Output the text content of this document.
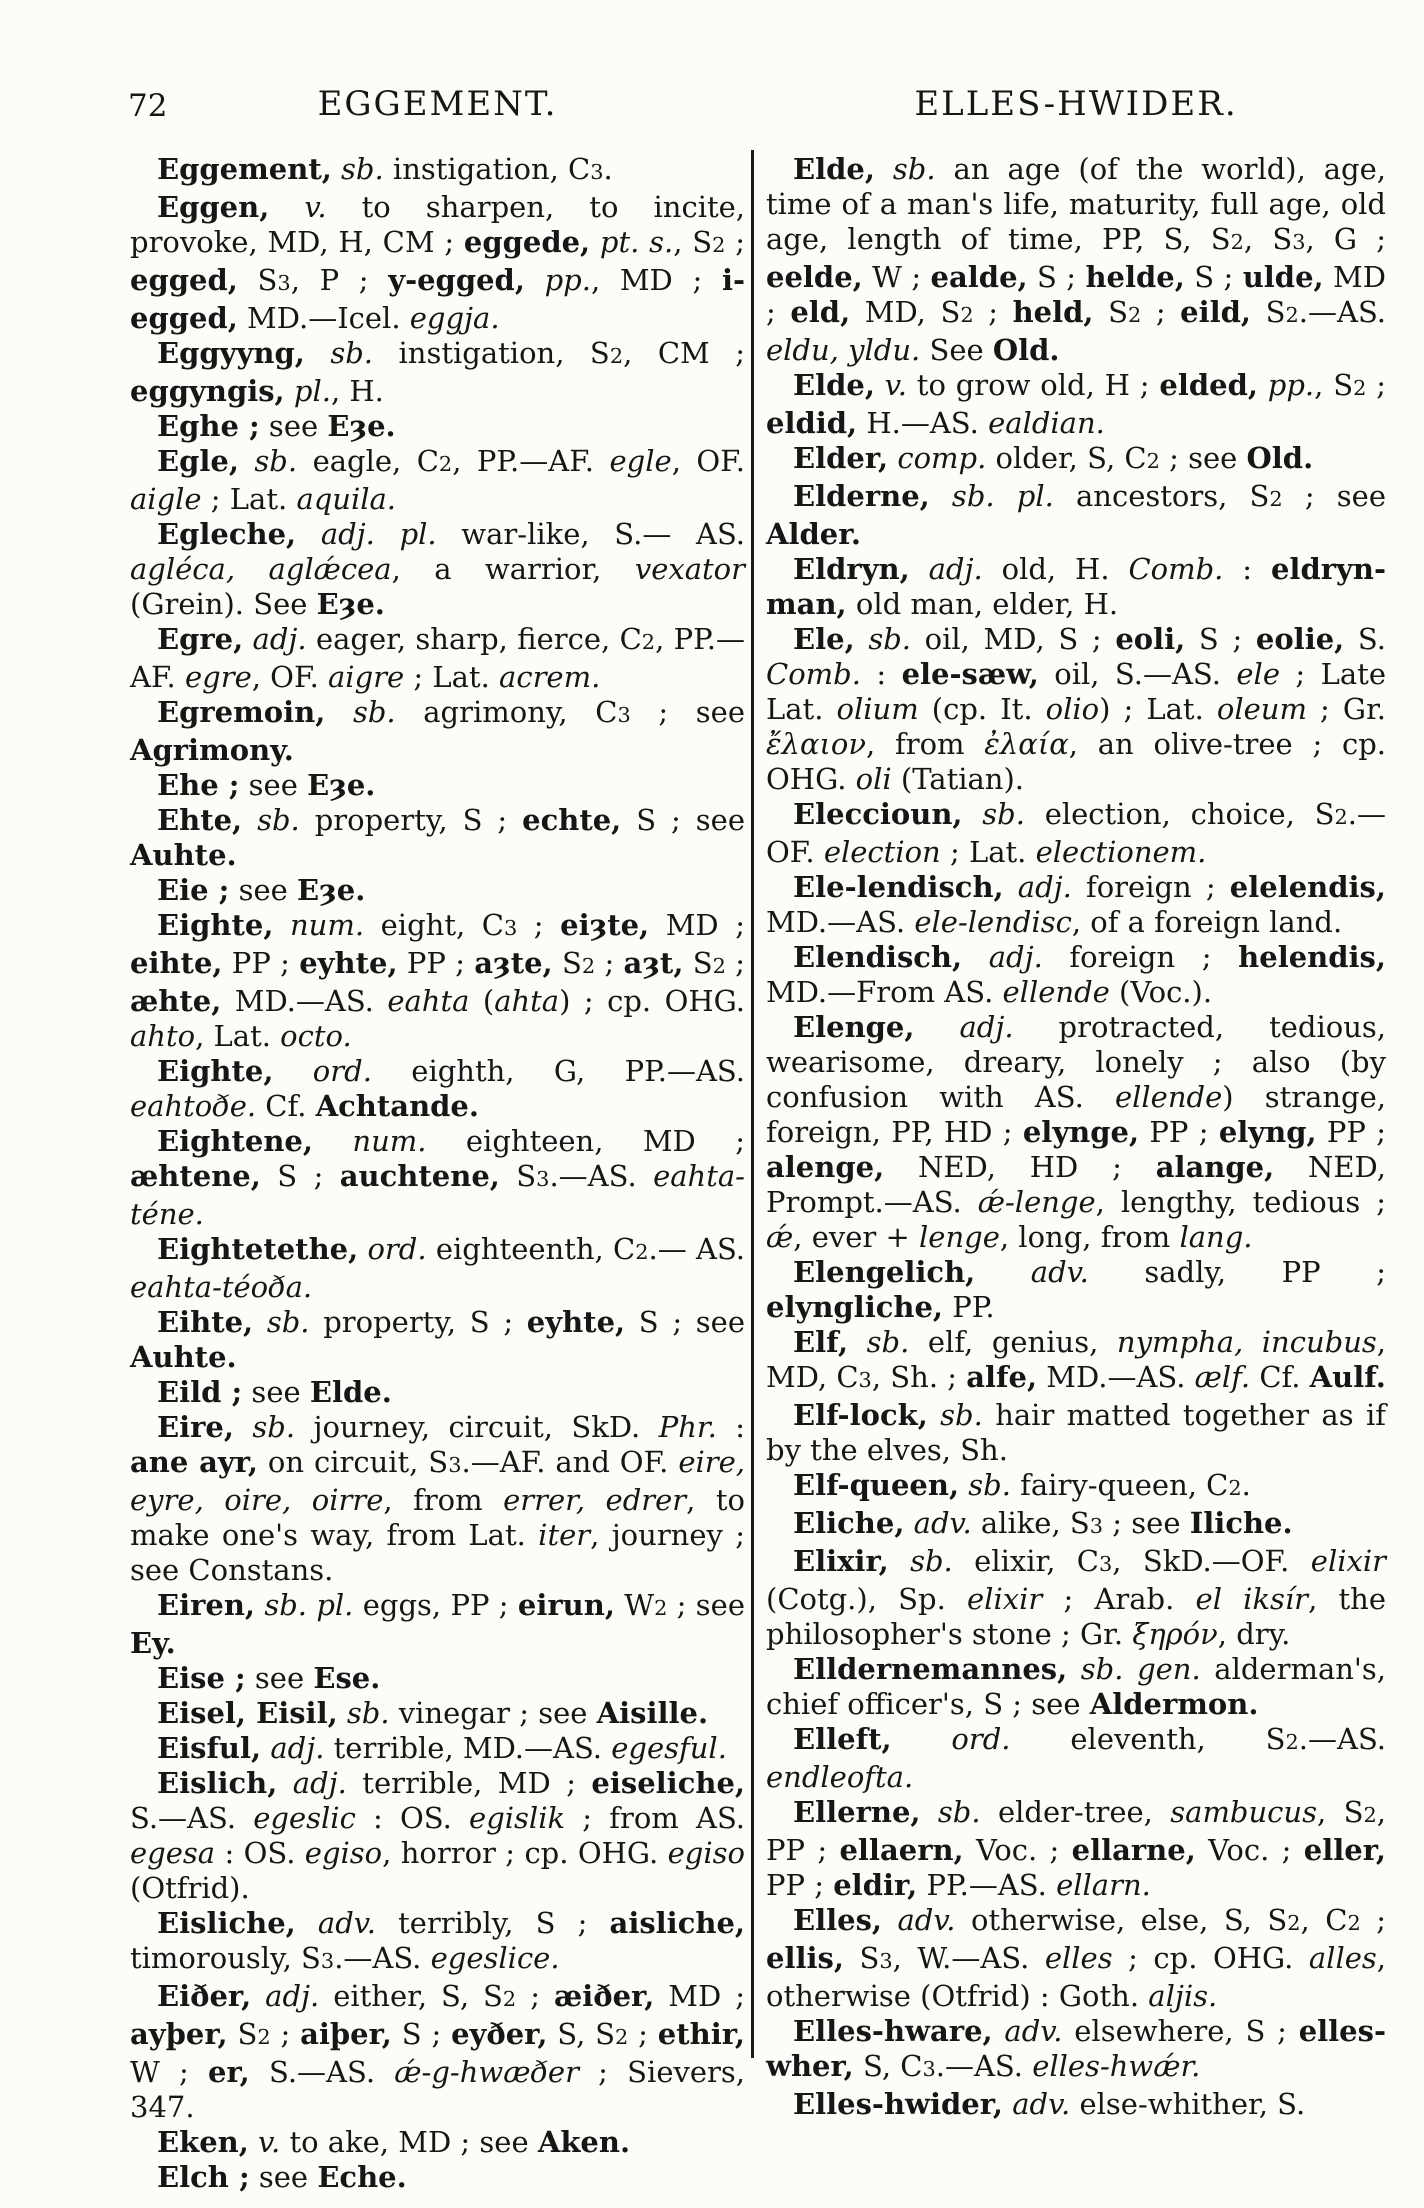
72	EGGEMENT.	ELLES-HWIDER.

Eggement, sb. instigation, C3.

Eggen, v. to sharpen, to incite, provoke, MD, H, CM ; eggede, pt. s., S2 ; egged, S3, P ; y-egged, pp., MD ; i-egged, MD.—Icel. eggja.

Eggyyng, sb. instigation, S2, CM ; eggyngis, pl., H.

Eghe ; see Eȝe.

Egle, sb. eagle, C2, PP.—AF. egle, OF. aigle ; Lat. aquila.

Egleche, adj. pl. war-like, S.— AS. agléca, aglǽcea, a warrior, vexator (Grein). See Eȝe.

Egre, adj. eager, sharp, fierce, C2, PP.—AF. egre, OF. aigre ; Lat. acrem.

Egremoin, sb. agrimony, C3 ; see Agrimony.

Ehe ; see Eȝe.

Ehte, sb. property, S ; echte, S ; see Auhte.

Eie ; see Eȝe.

Eighte, num. eight, C3 ; eiȝte, MD ; eihte, PP ; eyhte, PP ; aȝte, S2 ; aȝt, S2 ; æhte, MD.—AS. eahta (ahta) ; cp. OHG. ahto, Lat. octo.

Eighte, ord. eighth, G, PP.—AS. eahtoðe. Cf. Achtande.

Eightene, num. eighteen, MD ; æhtene, S ; auchtene, S3.—AS. eahta-téne.

Eightetethe, ord. eighteenth, C2.— AS. eahta-téoða.

Eihte, sb. property, S ; eyhte, S ; see Auhte.

Eild ; see Elde.

Eire, sb. journey, circuit, SkD. Phr. : ane ayr, on circuit, S3.—AF. and OF. eire, eyre, oire, oirre, from errer, edrer, to make one's way, from Lat. iter, journey ; see Constans.

Eiren, sb. pl. eggs, PP ; eirun, W2 ; see Ey.

Eise ; see Ese.

Eisel, Eisil, sb. vinegar ; see Aisille.

Eisful, adj. terrible, MD.—AS. egesful.

Eislich, adj. terrible, MD ; eiseliche, S.—AS. egeslic : OS. egislik ; from AS. egesa : OS. egiso, horror ; cp. OHG. egiso (Otfrid).

Eisliche, adv. terribly, S ; aisliche, timorously, S3.—AS. egeslice.

Eiðer, adj. either, S, S2 ; æiðer, MD ; ayþer, S2 ; aiþer, S ; eyðer, S, S2 ; ethir, W ; er, S.—AS. ǽ-g-hwæðer ; Sievers, 347.

Eken, v. to ake, MD ; see Aken.

Elch ; see Eche.

Elde, sb. an age (of the world), age, time of a man's life, maturity, full age, old age, length of time, PP, S, S2, S3, G ; eelde, W ; ealde, S ; helde, S ; ulde, MD ; eld, MD, S2 ; held, S2 ; eild, S2.—AS. eldu, yldu. See Old.

Elde, v. to grow old, H ; elded, pp., S2 ; eldid, H.—AS. ealdian.

Elder, comp. older, S, C2 ; see Old.

Elderne, sb. pl. ancestors, S2 ; see Alder.

Eldryn, adj. old, H. Comb. : eldryn-man, old man, elder, H.

Ele, sb. oil, MD, S ; eoli, S ; eolie, S. Comb. : ele-sæw, oil, S.—AS. ele ; Late Lat. olium (cp. It. olio) ; Lat. oleum ; Gr. ἔλαιον, from ἐλαία, an olive-tree ; cp. OHG. oli (Tatian).

Eleccioun, sb. election, choice, S2.—OF. election ; Lat. electionem.

Ele-lendisch, adj. foreign ; elelendis, MD.—AS. ele-lendisc, of a foreign land.

Elendisch, adj. foreign ; helendis, MD.—From AS. ellende (Voc.).

Elenge, adj. protracted, tedious, wearisome, dreary, lonely ; also (by confusion with AS. ellende) strange, foreign, PP, HD ; elynge, PP ; elyng, PP ; alenge, NED, HD ; alange, NED, Prompt.—AS. ǽ-lenge, lengthy, tedious ; ǽ, ever + lenge, long, from lang.

Elengelich, adv. sadly, PP ; elyngliche, PP.

Elf, sb. elf, genius, nympha, incubus, MD, C3, Sh. ; alfe, MD.—AS. ælf. Cf. Aulf.

Elf-lock, sb. hair matted together as if by the elves, Sh.

Elf-queen, sb. fairy-queen, C2.

Eliche, adv. alike, S3 ; see Iliche.

Elixir, sb. elixir, C3, SkD.—OF. elixir (Cotg.), Sp. elixir ; Arab. el iksír, the philosopher's stone ; Gr. ξηρόν, dry.

Elldernemannes, sb. gen. alderman's, chief officer's, S ; see Aldermon.

Elleft, ord. eleventh, S2.—AS. endleofta.

Ellerne, sb. elder-tree, sambucus, S2, PP ; ellaern, Voc. ; ellarne, Voc. ; eller, PP ; eldir, PP.—AS. ellarn.

Elles, adv. otherwise, else, S, S2, C2 ; ellis, S3, W.—AS. elles ; cp. OHG. alles, otherwise (Otfrid) : Goth. aljis.

Elles-hware, adv. elsewhere, S ; elles-wher, S, C3.—AS. elles-hwǽr.

Elles-hwider, adv. else-whither, S.
